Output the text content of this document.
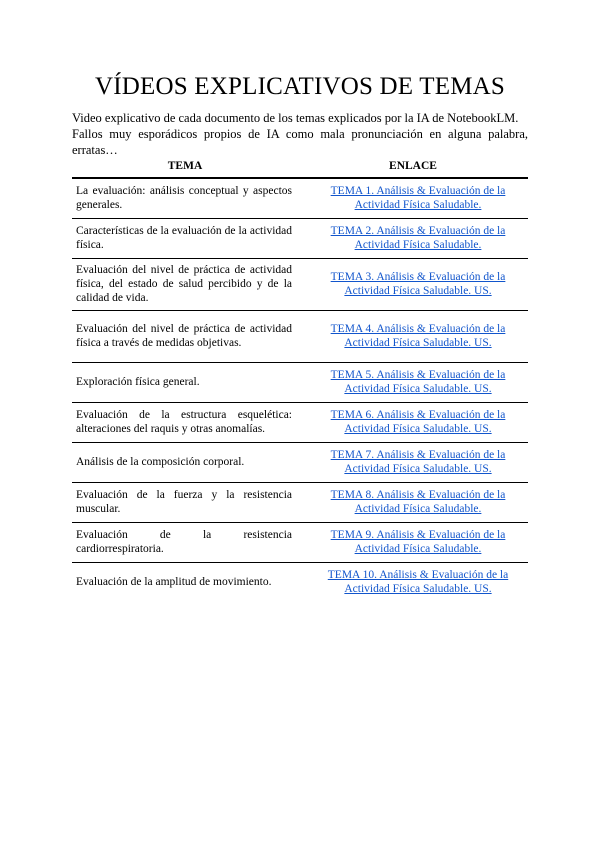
VÍDEOS EXPLICATIVOS DE TEMAS

Video explicativo de cada documento de los temas explicados por la IA de NotebookLM.

Fallos muy esporádicos propios de IA como mala pronunciación en alguna palabra, erratas…

TEMA	ENLACE
La evaluación: análisis conceptual y aspectos generales.	TEMA 1. Análisis & Evaluación de la Actividad Física Saludable.
Características de la evaluación de la actividad física.	TEMA 2. Análisis & Evaluación de la Actividad Física Saludable.
Evaluación del nivel de práctica de actividad física, del estado de salud percibido y de la calidad de vida.	TEMA 3. Análisis & Evaluación de la Actividad Física Saludable. US.
Evaluación del nivel de práctica de actividad física a través de medidas objetivas.	TEMA 4. Análisis & Evaluación de la Actividad Física Saludable. US.
Exploración física general.	TEMA 5. Análisis & Evaluación de la Actividad Física Saludable. US.
Evaluación de la estructura esquelética: alteraciones del raquis y otras anomalías.	TEMA 6. Análisis & Evaluación de la Actividad Física Saludable. US.
Análisis de la composición corporal.	TEMA 7. Análisis & Evaluación de la Actividad Física Saludable. US.
Evaluación de la fuerza y la resistencia muscular.	TEMA 8. Análisis & Evaluación de la Actividad Física Saludable.
Evaluación de la resistencia cardiorrespiratoria.	TEMA 9. Análisis & Evaluación de la Actividad Física Saludable.
Evaluación de la amplitud de movimiento.	TEMA 10. Análisis & Evaluación de la Actividad Física Saludable. US.
